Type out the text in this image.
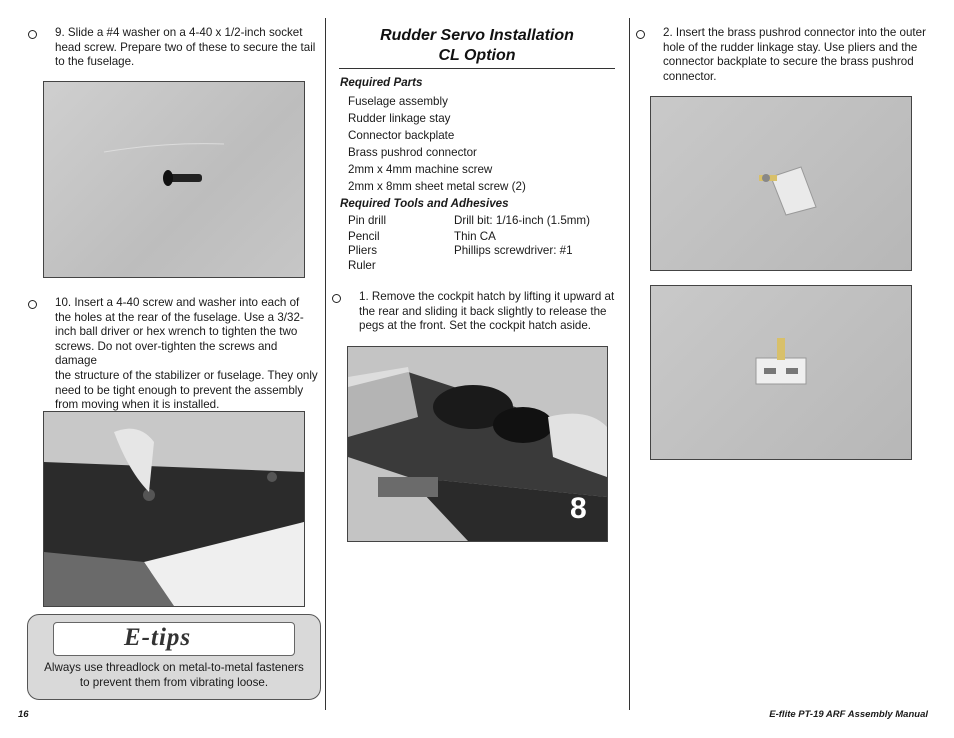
9. Slide a #4 washer on a 4-40 x 1/2-inch socket
head screw. Prepare two of these to secure the tail
to the fuselage.
10. Insert a 4-40 screw and washer into each of
the holes at the rear of the fuselage. Use a 3/32-
inch ball driver or hex wrench to tighten the two
screws. Do not over-tighten the screws and damage
the structure of the stabilizer or fuselage. They only
need to be tight enough to prevent the assembly
from moving when it is installed.
E-tips
Always use threadlock on metal-to-metal fasteners
to prevent them from vibrating loose.
Rudder Servo Installation
CL Option
Required Parts
Fuselage assembly
Rudder linkage stay
Connector backplate
Brass pushrod connector
2mm x 4mm machine screw
2mm x 8mm sheet metal screw (2)
Required Tools and Adhesives
Pin drill
Pencil
Pliers
Ruler
Drill bit: 1/16-inch (1.5mm)
Thin CA
Phillips screwdriver: #1
1. Remove the cockpit hatch by lifting it upward at
the rear and sliding it back slightly to release the
pegs at the front. Set the cockpit hatch aside.
8
2. Insert the brass pushrod connector into the outer
hole of the rudder linkage stay. Use pliers and the
connector backplate to secure the brass pushrod
connector.
16	E-flite PT-19 ARF Assembly Manual
